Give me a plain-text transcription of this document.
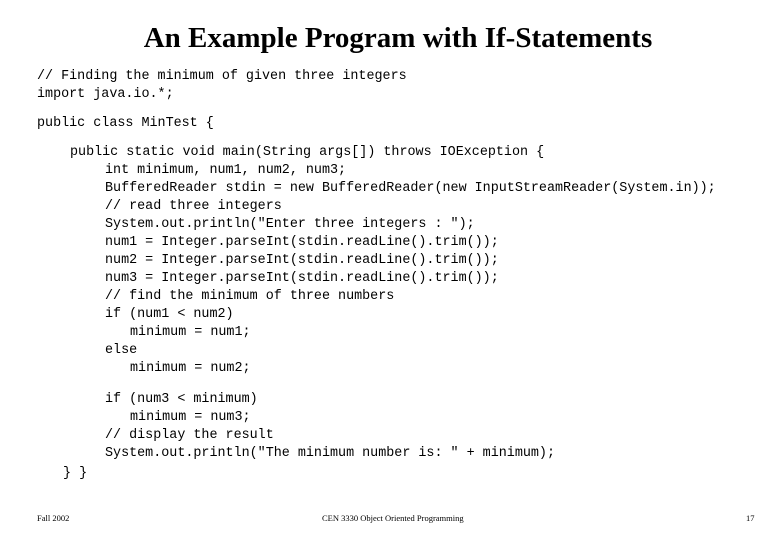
An Example Program with If-Statements
// Finding the minimum of given three integers
import java.io.*;
public class MinTest {
public static void main(String args[]) throws IOException {
int minimum, num1, num2, num3;
BufferedReader stdin = new BufferedReader(new InputStreamReader(System.in));
// read three integers
System.out.println("Enter three integers : ");
num1 = Integer.parseInt(stdin.readLine().trim());
num2 = Integer.parseInt(stdin.readLine().trim());
num3 = Integer.parseInt(stdin.readLine().trim());
// find the minimum of three numbers
if (num1 < num2)
minimum = num1;
else
minimum = num2;
if (num3 < minimum)
minimum = num3;
// display the result
System.out.println("The minimum number is: " + minimum);
} }
Fall 2002	CEN 3330 Object Oriented Programming	17
